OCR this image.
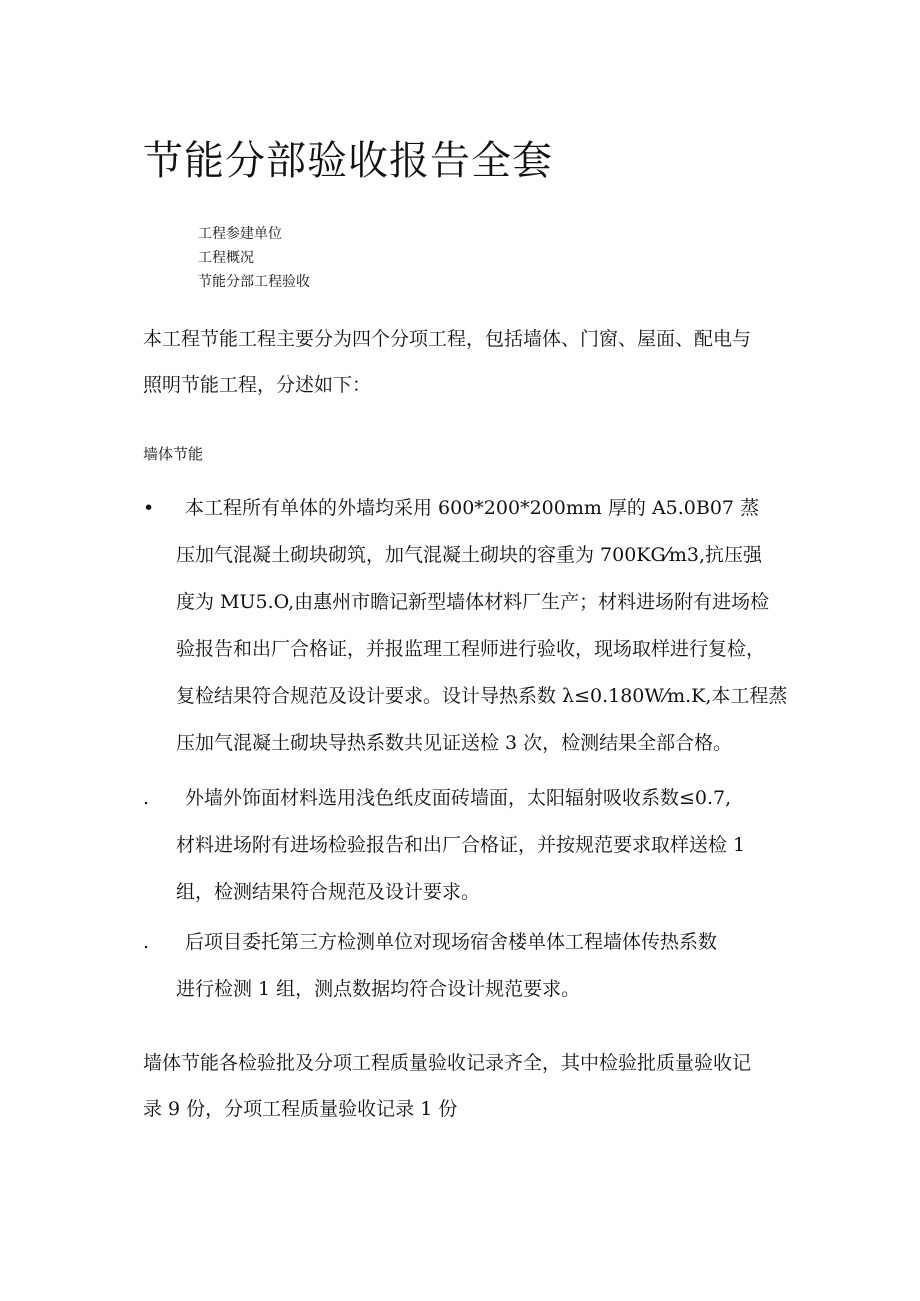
节能分部验收报告全套
工程参建单位
工程概况
节能分部工程验收
本工程节能工程主要分为四个分项工程，包括墙体、门窗、屋面、配电与
照明节能工程，分述如下：
墙体节能
• 本工程所有单体的外墙均采用 600*200*200mm 厚的 A5.0B07 蒸
压加气混凝土砌块砌筑，加气混凝土砌块的容重为 700KG⁄m3,抗压强
度为 MU5.O,由惠州市瞻记新型墙体材料厂生产；材料进场附有进场检
验报告和出厂合格证，并报监理工程师进行验收，现场取样进行复检，
复检结果符合规范及设计要求。设计导热系数 λ≤0.180W⁄m.K,本工程蒸
压加气混凝土砌块导热系数共见证送检 3 次，检测结果全部合格。
. 外墙外饰面材料选用浅色纸皮面砖墙面，太阳辐射吸收系数≤0.7,
材料进场附有进场检验报告和出厂合格证，并按规范要求取样送检 1
组，检测结果符合规范及设计要求。
. 后项目委托第三方检测单位对现场宿舍楼单体工程墙体传热系数
进行检测 1 组，测点数据均符合设计规范要求。
墙体节能各检验批及分项工程质量验收记录齐全，其中检验批质量验收记
录 9 份，分项工程质量验收记录 1 份
